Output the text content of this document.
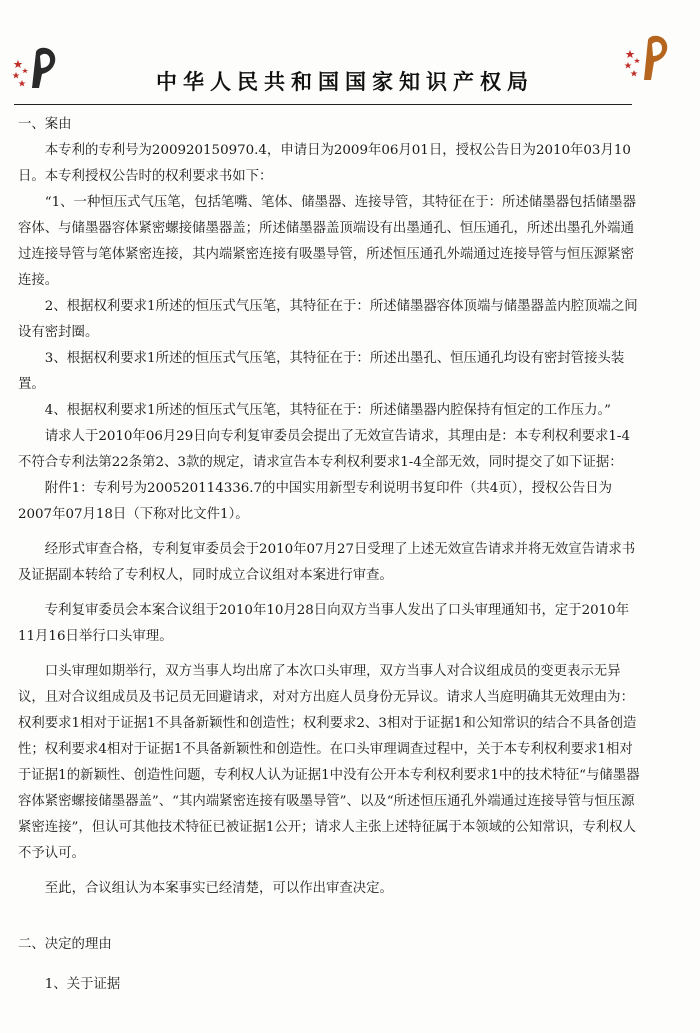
中华人民共和国国家知识产权局

一、案由

本专利的专利号为200920150970.4，申请日为2009年06月01日，授权公告日为2010年03月10日。本专利授权公告时的权利要求书如下：

“1、一种恒压式气压笔，包括笔嘴、笔体、储墨器、连接导管，其特征在于：所述储墨器包括储墨器容体、与储墨器容体紧密螺接储墨器盖；所述储墨器盖顶端设有出墨通孔、恒压通孔，所述出墨孔外端通过连接导管与笔体紧密连接，其内端紧密连接有吸墨导管，所述恒压通孔外端通过连接导管与恒压源紧密连接。

2、根据权利要求1所述的恒压式气压笔，其特征在于：所述储墨器容体顶端与储墨器盖内腔顶端之间设有密封圈。

3、根据权利要求1所述的恒压式气压笔，其特征在于：所述出墨孔、恒压通孔均设有密封管接头装置。

4、根据权利要求1所述的恒压式气压笔，其特征在于：所述储墨器内腔保持有恒定的工作压力。”

请求人于2010年06月29日向专利复审委员会提出了无效宣告请求，其理由是：本专利权利要求1-4不符合专利法第22条第2、3款的规定，请求宣告本专利权利要求1-4全部无效，同时提交了如下证据：

附件1：专利号为200520114336.7的中国实用新型专利说明书复印件（共4页），授权公告日为2007年07月18日（下称对比文件1）。

经形式审查合格，专利复审委员会于2010年07月27日受理了上述无效宣告请求并将无效宣告请求书及证据副本转给了专利权人，同时成立合议组对本案进行审查。

专利复审委员会本案合议组于2010年10月28日向双方当事人发出了口头审理通知书，定于2010年11月16日举行口头审理。

口头审理如期举行，双方当事人均出席了本次口头审理，双方当事人对合议组成员的变更表示无异议，且对合议组成员及书记员无回避请求，对对方出庭人员身份无异议。请求人当庭明确其无效理由为：权利要求1相对于证据1不具备新颖性和创造性；权利要求2、3相对于证据1和公知常识的结合不具备创造性；权利要求4相对于证据1不具备新颖性和创造性。在口头审理调查过程中，关于本专利权利要求1相对于证据1的新颖性、创造性问题，专利权人认为证据1中没有公开本专利权利要求1中的技术特征“与储墨器容体紧密螺接储墨器盖”、“其内端紧密连接有吸墨导管”、以及“所述恒压通孔外端通过连接导管与恒压源紧密连接”，但认可其他技术特征已被证据1公开；请求人主张上述特征属于本领域的公知常识，专利权人不予认可。

至此，合议组认为本案事实已经清楚，可以作出审查决定。

二、决定的理由

1、关于证据
